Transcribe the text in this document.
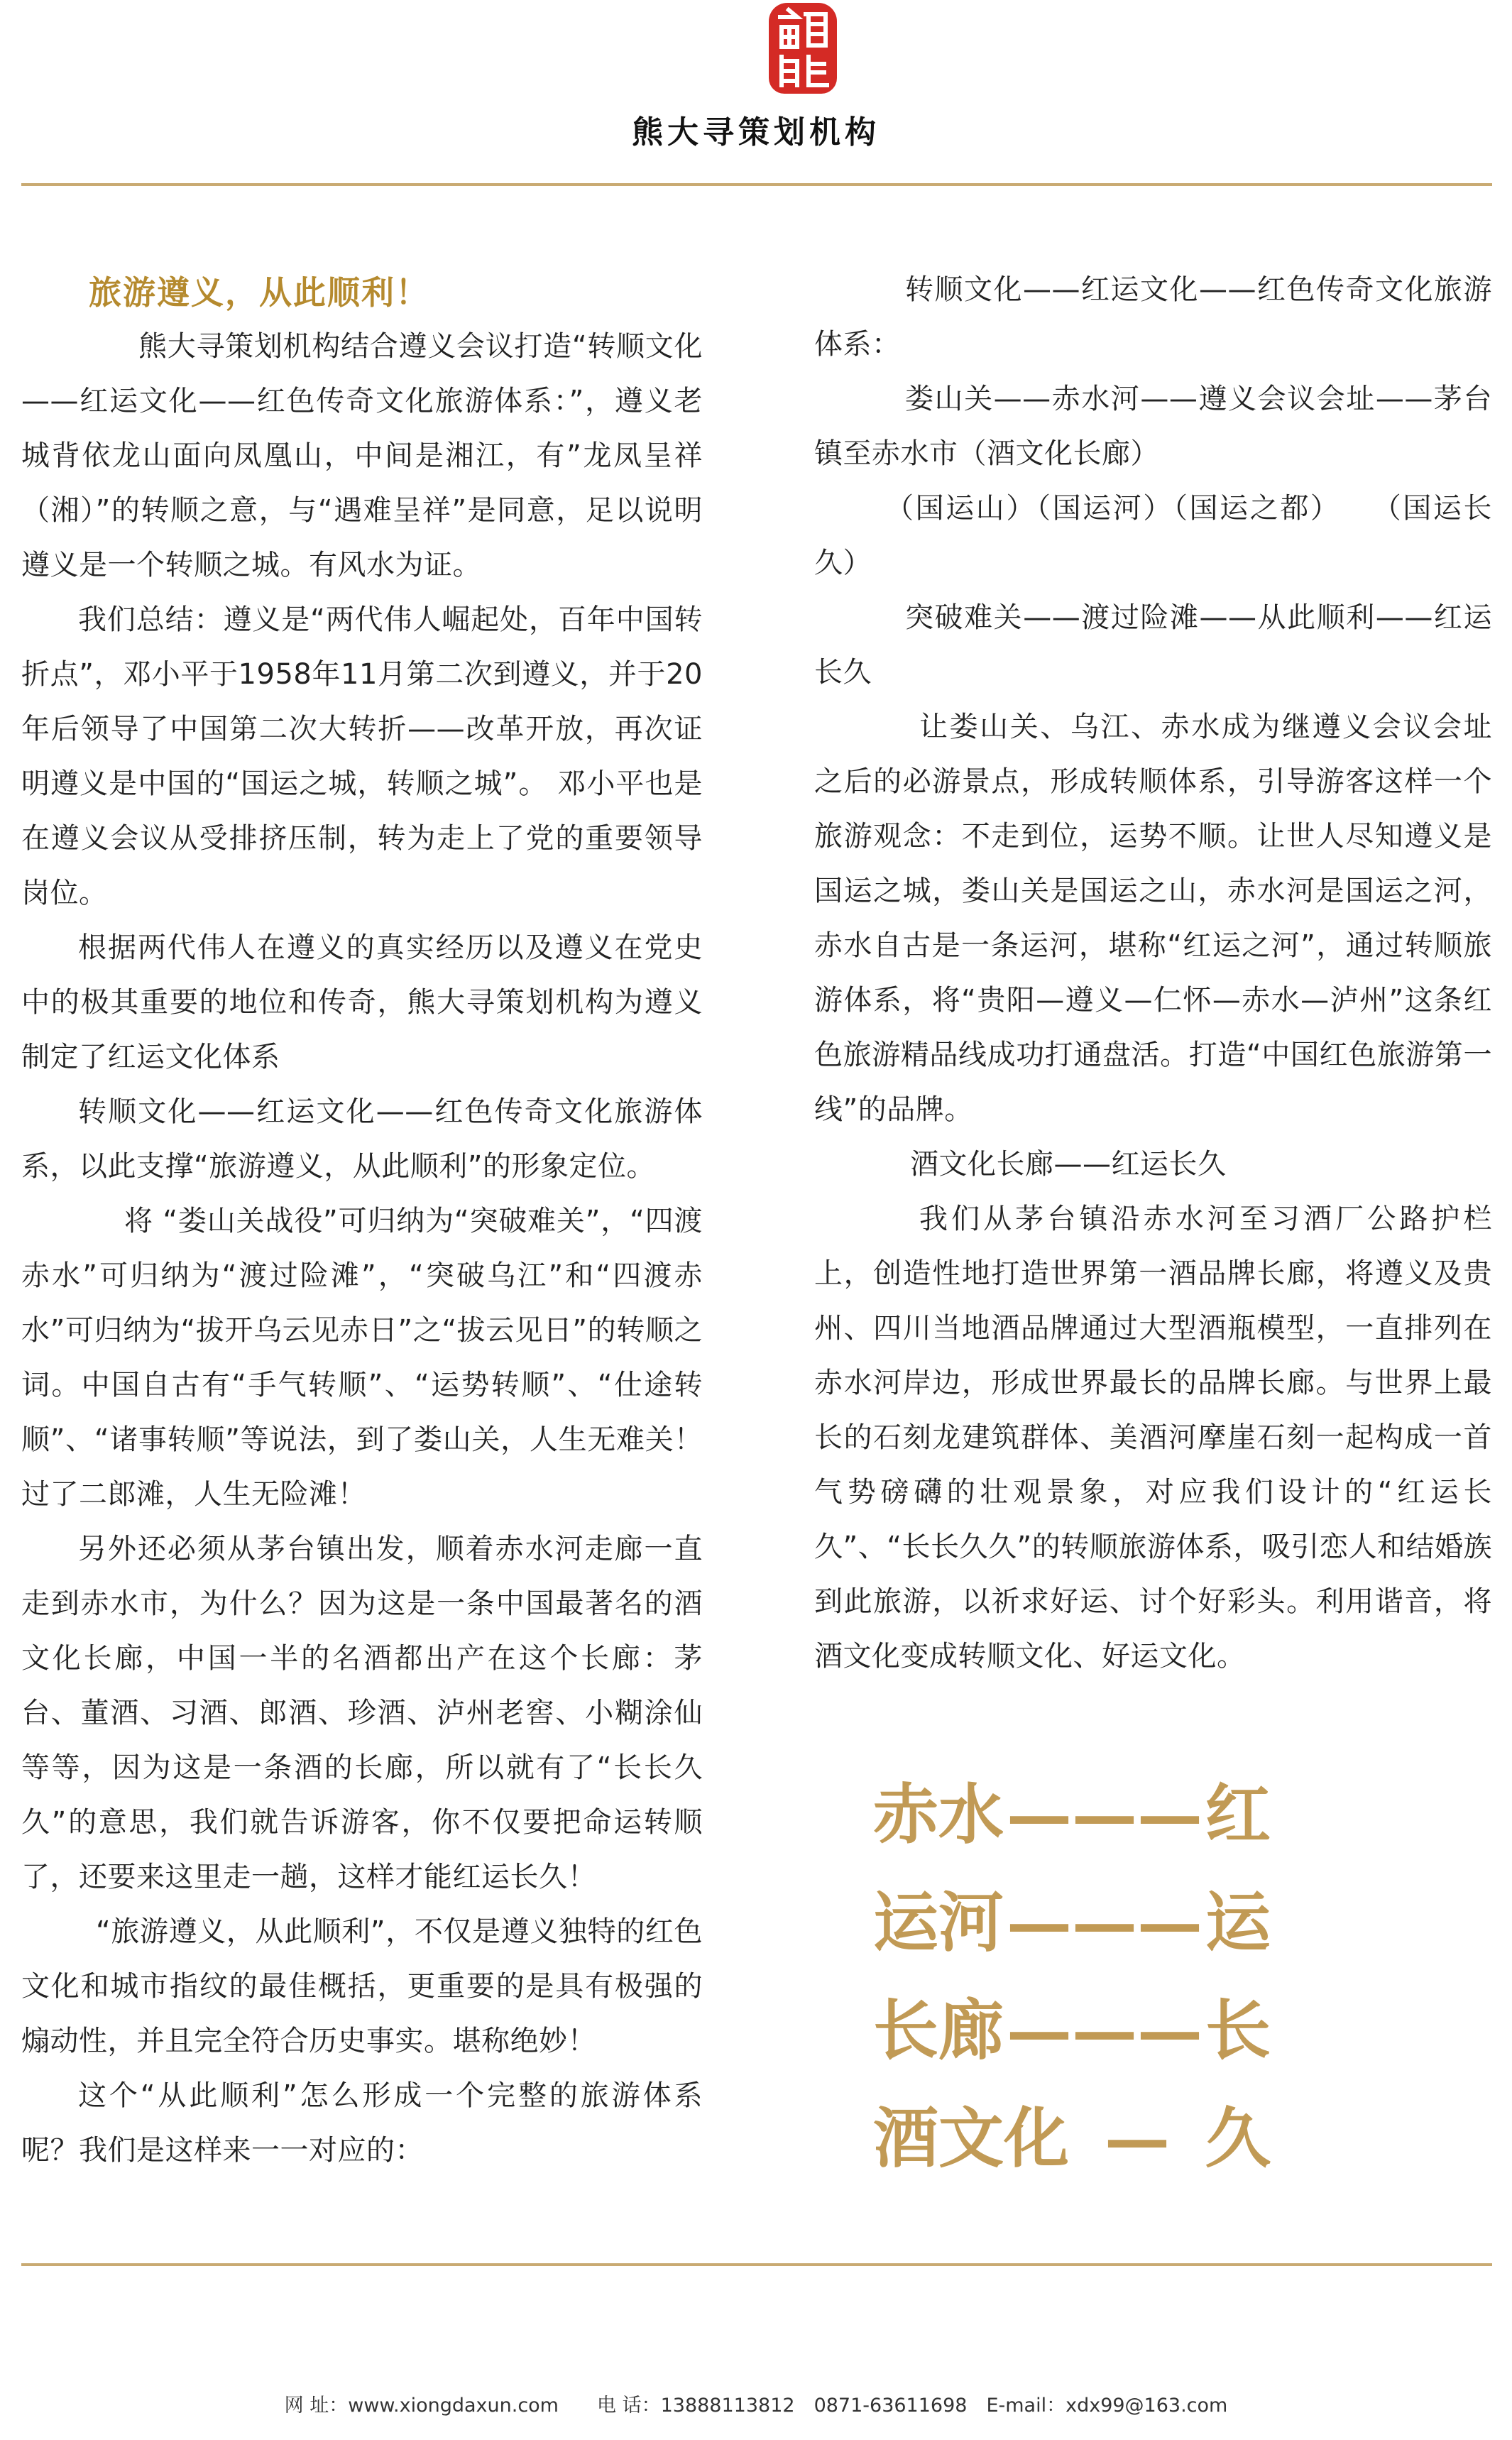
熊大寻策划机构
旅游遵义，从此顺利！

熊大寻策划机构结合遵义会议打造“转顺文化——红运文化——红色传奇文化旅游体系：”，遵义老城背依龙山面向凤凰山，中间是湘江，有”龙凤呈祥（湘）”的转顺之意，与“遇难呈祥”是同意，足以说明遵义是一个转顺之城。有风水为证。

我们总结：遵义是“两代伟人崛起处，百年中国转折点”，邓小平于1958年11月第二次到遵义，并于20年后领导了中国第二次大转折——改革开放，再次证明遵义是中国的“国运之城，转顺之城”。 邓小平也是在遵义会议从受排挤压制，转为走上了党的重要领导岗位。

根据两代伟人在遵义的真实经历以及遵义在党史中的极其重要的地位和传奇，熊大寻策划机构为遵义制定了红运文化体系

转顺文化——红运文化——红色传奇文化旅游体系，以此支撑“旅游遵义，从此顺利”的形象定位。

将 “娄山关战役”可归纳为“突破难关”，“四渡赤水”可归纳为“渡过险滩”，“突破乌江”和“四渡赤水”可归纳为“拔开乌云见赤日”之“拔云见日”的转顺之词。中国自古有“手气转顺”、“运势转顺”、“仕途转顺”、“诸事转顺”等说法，到了娄山关，人生无难关！过了二郎滩，人生无险滩！

另外还必须从茅台镇出发，顺着赤水河走廊一直走到赤水市，为什么？因为这是一条中国最著名的酒文化长廊，中国一半的名酒都出产在这个长廊：茅台、董酒、习酒、郎酒、珍酒、泸州老窖、小糊涂仙等等，因为这是一条酒的长廊，所以就有了“长长久久”的意思，我们就告诉游客，你不仅要把命运转顺了，还要来这里走一趟，这样才能红运长久！

“旅游遵义，从此顺利”，不仅是遵义独特的红色文化和城市指纹的最佳概括，更重要的是具有极强的煽动性，并且完全符合历史事实。堪称绝妙！

这个“从此顺利”怎么形成一个完整的旅游体系呢？我们是这样来一一对应的：

转顺文化——红运文化——红色传奇文化旅游体系：

娄山关——赤水河——遵义会议会址——茅台镇至赤水市（酒文化长廊）

（国运山）（国运河）（国运之都）　　（国运长久）

突破难关——渡过险滩——从此顺利——红运长久

让娄山关、乌江、赤水成为继遵义会议会址之后的必游景点，形成转顺体系，引导游客这样一个旅游观念：不走到位，运势不顺。让世人尽知遵义是国运之城，娄山关是国运之山，赤水河是国运之河，赤水自古是一条运河，堪称“红运之河”，通过转顺旅游体系，将“贵阳—遵义—仁怀—赤水—泸州”这条红色旅游精品线成功打通盘活。打造“中国红色旅游第一线”的品牌。

酒文化长廊——红运长久

我们从茅台镇沿赤水河至习酒厂公路护栏上，创造性地打造世界第一酒品牌长廊，将遵义及贵州、四川当地酒品牌通过大型酒瓶模型，一直排列在赤水河岸边，形成世界最长的品牌长廊。与世界上最长的石刻龙建筑群体、美酒河摩崖石刻一起构成一首气势磅礴的壮观景象，对应我们设计的“红运长久”、“长长久久”的转顺旅游体系，吸引恋人和结婚族到此旅游，以祈求好运、讨个好彩头。利用谐音，将酒文化变成转顺文化、好运文化。

赤水 ——— 红
运河 ——— 运
长廊 ——— 长
酒文化 — 久
网 址：www.xiongdaxun.com　　 电 话：13888113812　 0871-63611698　 E-mail：xdx99@163.com
